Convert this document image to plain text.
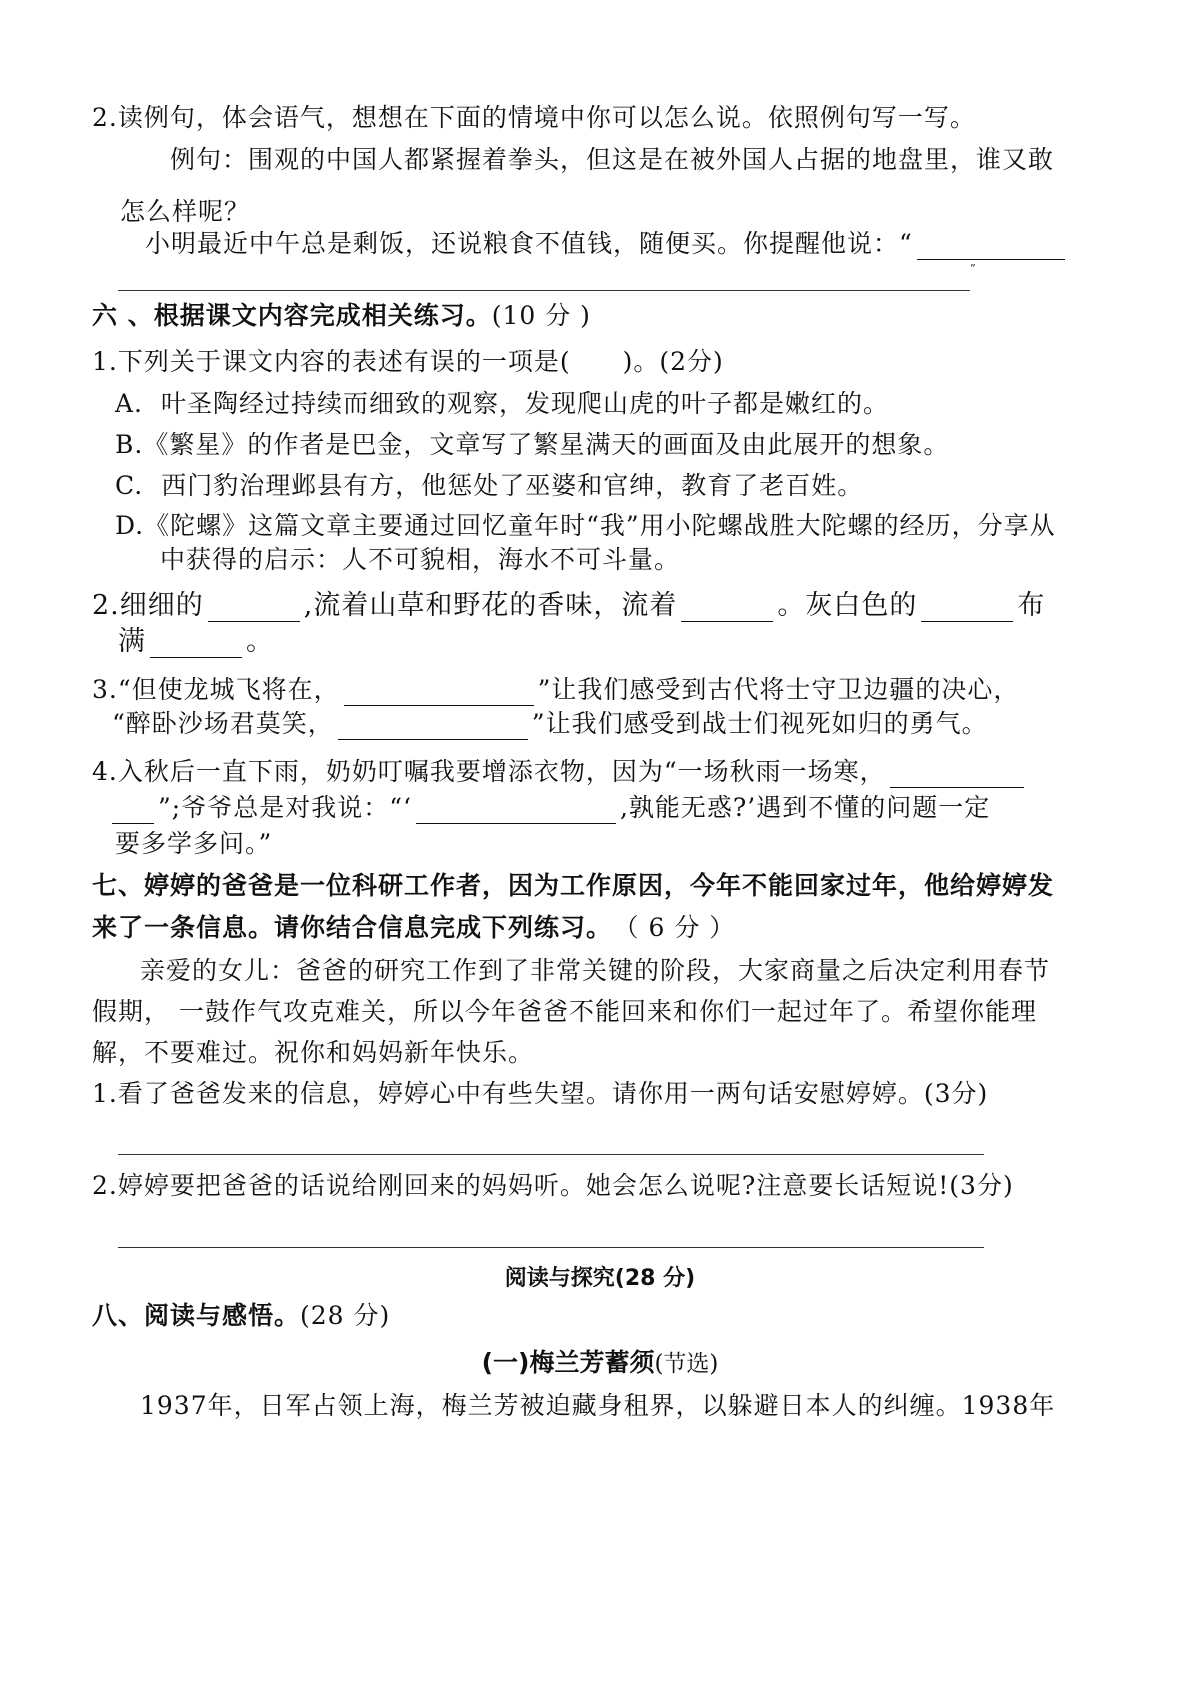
2.读例句，体会语气，想想在下面的情境中你可以怎么说。依照例句写一写。
例句：围观的中国人都紧握着拳头，但这是在被外国人占据的地盘里，谁又敢
怎么样呢？
小明最近中午总是剩饭，还说粮食不值钱，随便买。你提醒他说：“
”
六 、根据课文内容完成相关练习。(10 分 )
1.下列关于课文内容的表述有误的一项是(　　)。(2分)
A. 叶圣陶经过持续而细致的观察，发现爬山虎的叶子都是嫩红的。
B.《繁星》的作者是巴金，文章写了繁星满天的画面及由此展开的想象。
C. 西门豹治理邺县有方，他惩处了巫婆和官绅，教育了老百姓。
D.《陀螺》这篇文章主要通过回忆童年时“我”用小陀螺战胜大陀螺的经历，分享从
中获得的启示：人不可貌相，海水不可斗量。
2.细细的	,流着山草和野花的香味，流着	。灰白色的	布
满	。
3.“但使龙城飞将在，	”让我们感受到古代将士守卫边疆的决心，
“醉卧沙场君莫笑，	”让我们感受到战士们视死如归的勇气。
4.入秋后一直下雨，奶奶叮嘱我要增添衣物，因为“一场秋雨一场寒，
”;爷爷总是对我说：“‘	,孰能无惑?’遇到不懂的问题一定
要多学多问。”
七、婷婷的爸爸是一位科研工作者，因为工作原因，今年不能回家过年，他给婷婷发
来了一条信息。请你结合信息完成下列练习。 （ 6 分 ）
亲爱的女儿：爸爸的研究工作到了非常关键的阶段，大家商量之后决定利用春节
假期， 一鼓作气攻克难关，所以今年爸爸不能回来和你们一起过年了。希望你能理
解，不要难过。祝你和妈妈新年快乐。
1.看了爸爸发来的信息，婷婷心中有些失望。请你用一两句话安慰婷婷。(3分)
2.婷婷要把爸爸的话说给刚回来的妈妈听。她会怎么说呢?注意要长话短说!(3分)
阅读与探究(28 分)
八、阅读与感悟。(28 分)
(一)梅兰芳蓄须(节选)
1937年，日军占领上海，梅兰芳被迫藏身租界，以躲避日本人的纠缠。1938年
